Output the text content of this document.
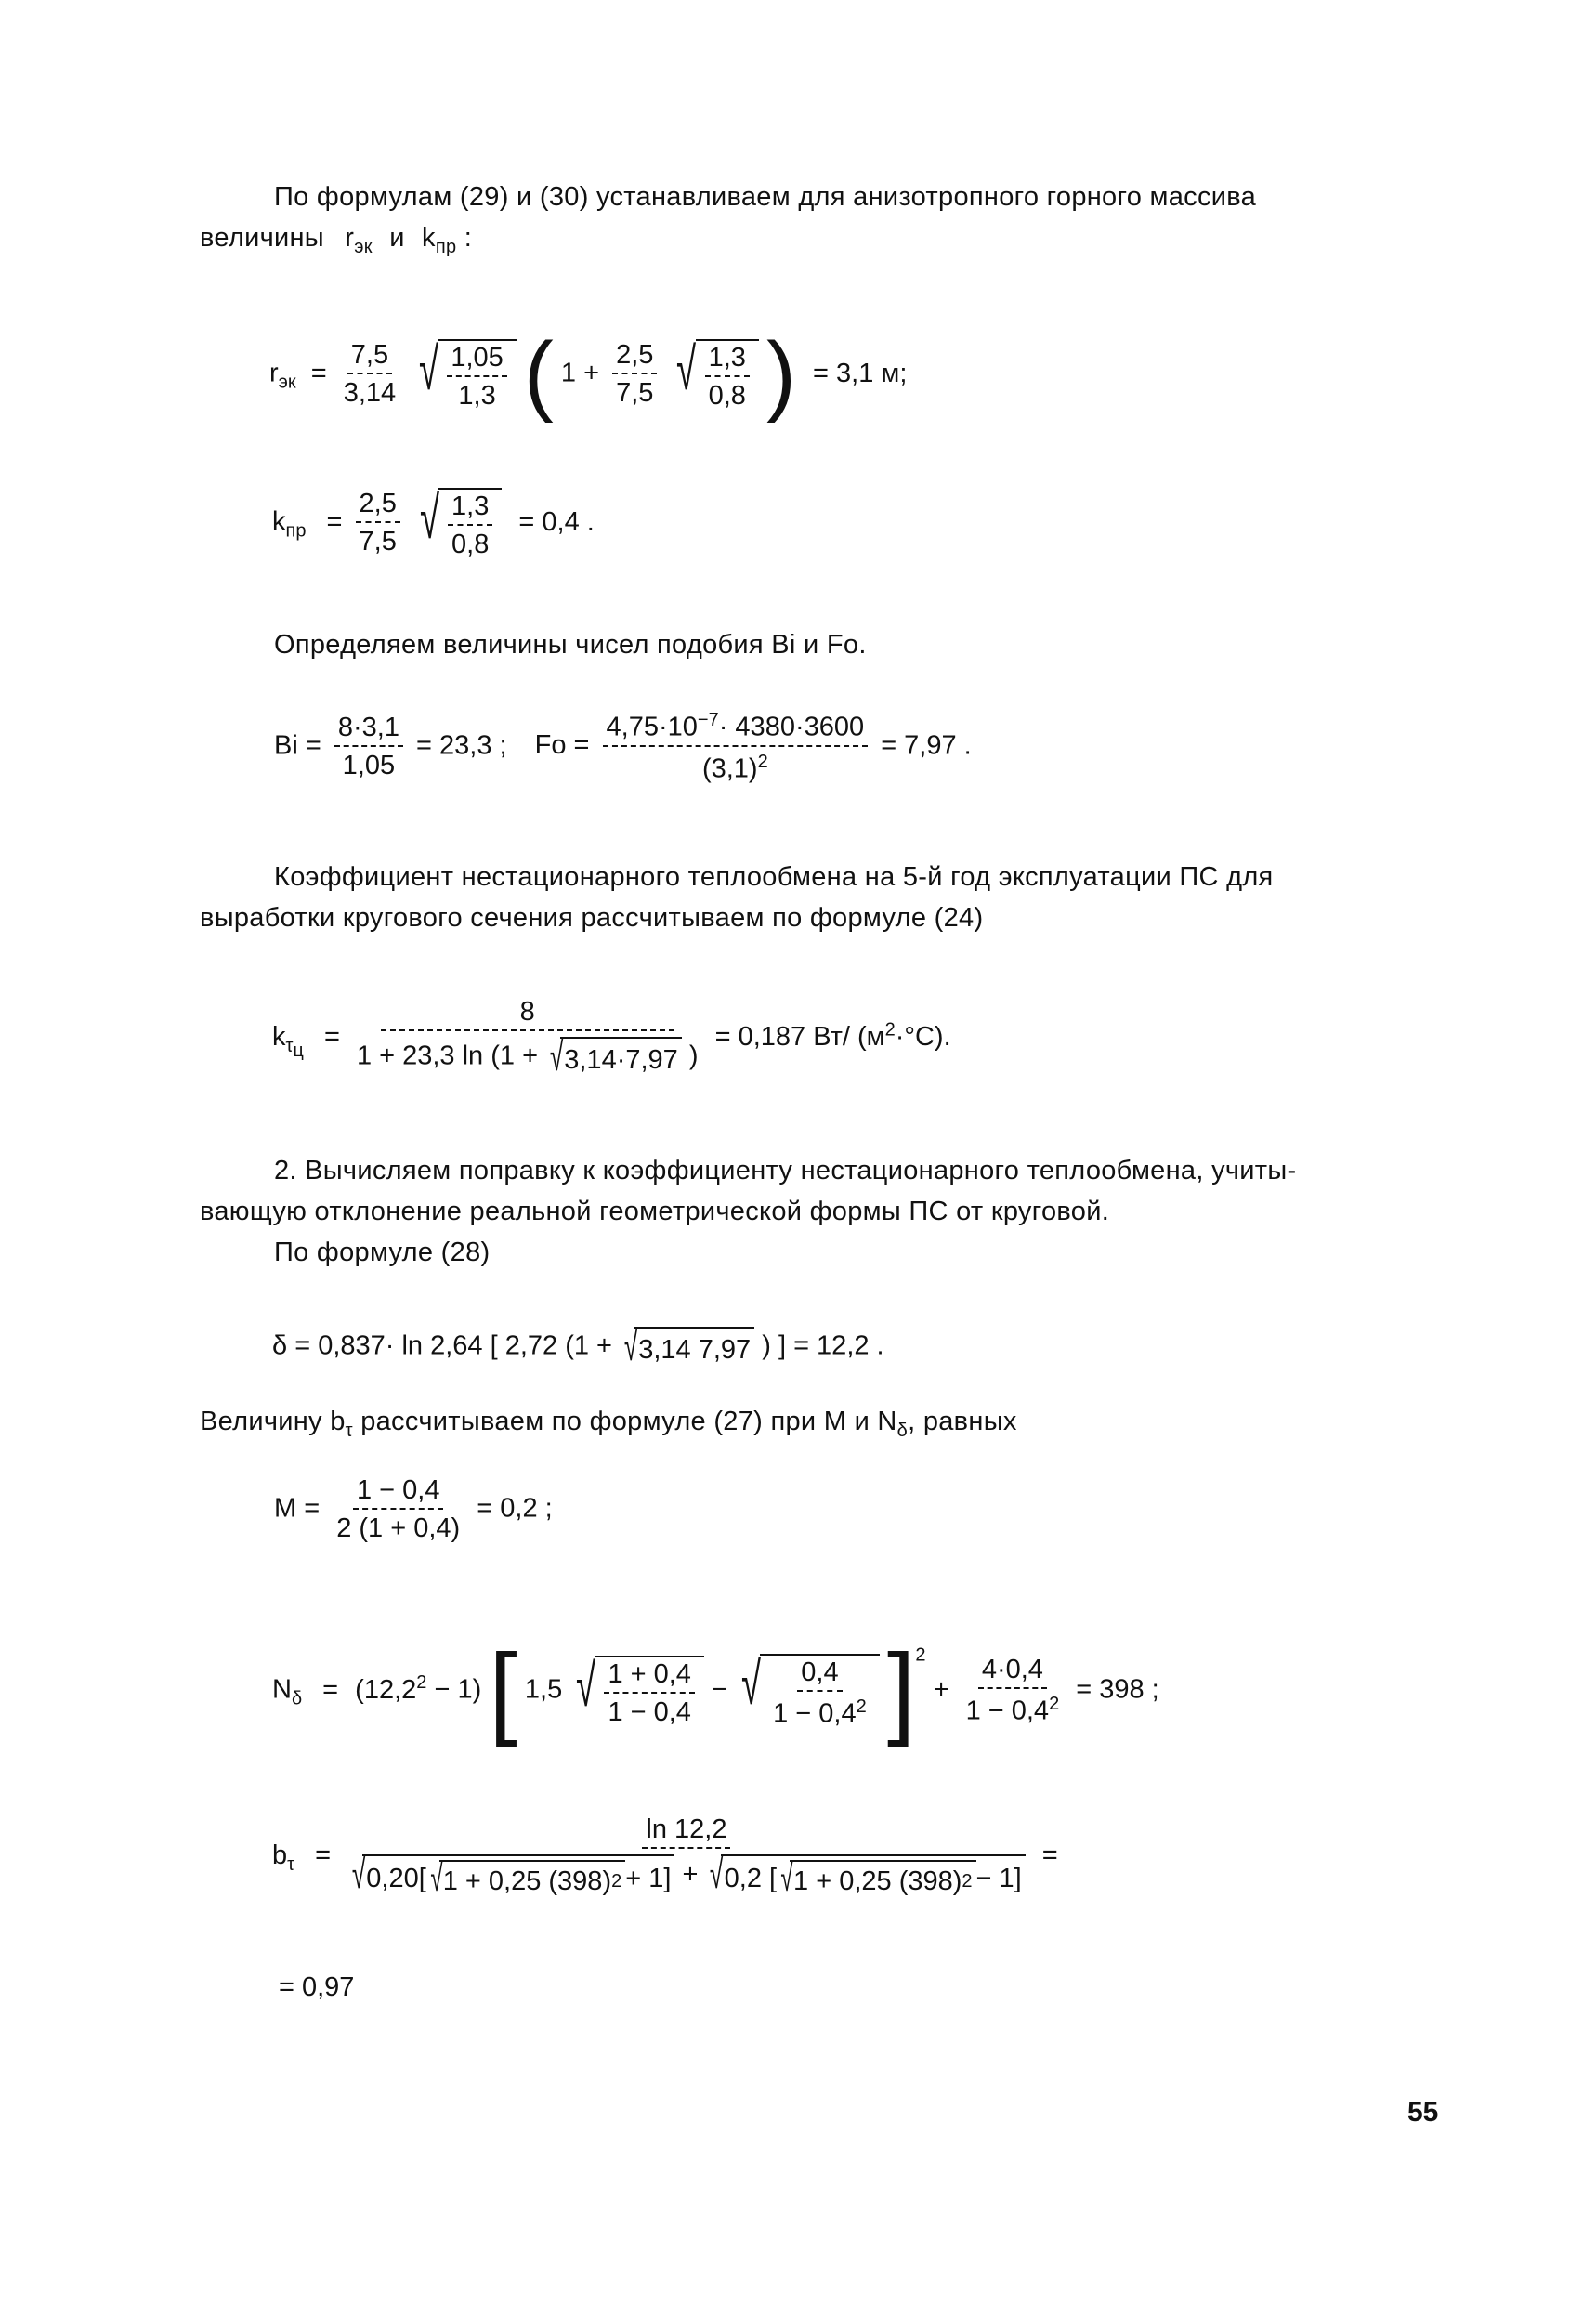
По формулам (29) и (30) устанавливаем для анизотропного горного массива
величины $r_{эк}$ и $k_{пр}$ :
$r_{эк} = \frac{7,5}{3,14}$
√ $\frac{1,05}{1,3}$ ( $1 + \frac{2,5}{7,5}$
√ $\frac{1,3}{0,8}$ ) = 3,1 м;
$k_{пр} = \frac{2,5}{7,5}$
√ $\frac{1,3}{0,8} = 0,4$ .
Определяем величины чисел подобия Bi и Fo.
$Bi = \frac{8\cdot 3,1}{1,05} = 23,3$ ; $Fo = \frac{4,75\cdot 10^{-7}\cdot 4380\cdot 3600}{(3,1)^2} = 7,97$ .
Коэффициент нестационарного теплообмена на 5-й год эксплуатации ПС для
выработки кругового сечения рассчитываем по формуле (24)
$k_{\tau_ц} = \frac{8}{1 + 23,3 \ln (1 + √ 3,14\cdot 7,97 )} = 0,187$ Вт/ $(м^2\cdot^\circ C)$.
2. Вычисляем поправку к коэффициенту нестационарного теплообмена, учиты-
вающую отклонение реальной геометрической формы ПС от круговой.
По формуле (28)
δ = 0,837· ln 2,64 [ 2,72 (1 + √ 3,14 7,97 ) ] = 12,2 .
Величину $b_\tau$ рассчитываем по формуле (27) при М и $N_\delta$, равных
$M = \frac{1 - 0,4}{2 (1 + 0,4)} = 0,2$ ;
$N_\delta = (12,2^2 - 1)$ [ 1,5 √ $\frac{1 + 0,4}{1 - 0,4}$ − √ $\frac{0,4}{1 - 0,4^2} ]^2 + \frac{4\cdot 0,4}{1 - 0,4^2} = 398$ ;
$b_\tau$ =
ln 12,2
√ 0,20[ √ 1 + 0,25 (398) 2 + 1] + √ 0,2 [ √ 1 + 0,25 (398) 2 − 1]
=
= 0,97
55
